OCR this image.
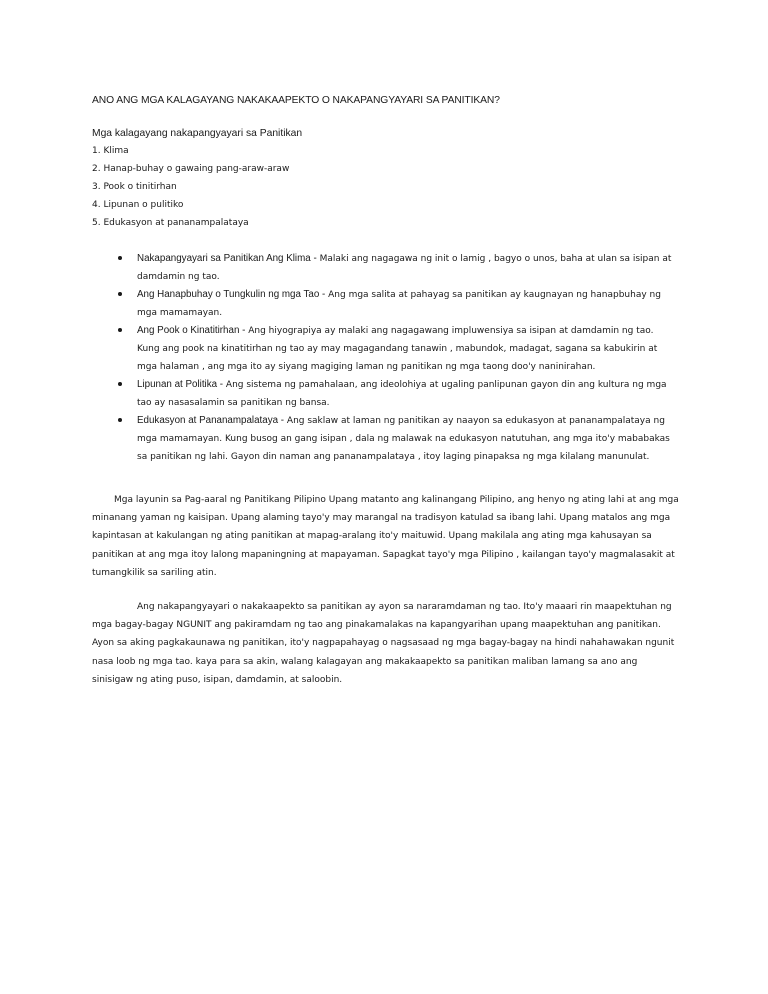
ANO ANG MGA KALAGAYANG NAKAKAAPEKTO O NAKAPANGYAYARI SA PANITIKAN?
Mga kalagayang nakapangyayari sa Panitikan
1. Klima
2. Hanap-buhay o gawaing pang-araw-araw
3. Pook o tinitirhan
4. Lipunan o pulitiko
5. Edukasyon at pananampalataya
Nakapangyayari sa Panitikan Ang Klima - Malaki ang nagagawa ng init o lamig , bagyo o unos, baha at ulan sa isipan at damdamin ng tao.
Ang Hanapbuhay o Tungkulin ng mga Tao - Ang mga salita at pahayag sa panitikan ay kaugnayan ng hanapbuhay ng mga mamamayan.
Ang Pook o Kinatitirhan - Ang hiyograpiya ay malaki ang nagagawang impluwensiya sa isipan at damdamin ng tao. Kung ang pook na kinatitirhan ng tao ay may magagandang tanawin , mabundok, madagat, sagana sa kabukirin at mga halaman , ang mga ito ay siyang magiging laman ng panitikan ng mga taong doo'y naninirahan.
Lipunan at Politika - Ang sistema ng pamahalaan, ang ideolohiya at ugaling panlipunan gayon din ang kultura ng mga tao ay nasasalamin sa panitikan ng bansa.
Edukasyon at Pananampalataya - Ang saklaw at laman ng panitikan ay naayon sa edukasyon at pananampalataya ng mga mamamayan. Kung busog an gang isipan , dala ng malawak na edukasyon natutuhan, ang mga ito'y mababakas sa panitikan ng lahi. Gayon din naman ang pananampalataya , itoy laging pinapaksa ng mga kilalang manunulat.

Mga layunin sa Pag-aaral ng Panitikang Pilipino Upang matanto ang kalinangang Pilipino, ang henyo ng ating lahi at ang mga minanang yaman ng kaisipan. Upang alaming tayo'y may marangal na tradisyon katulad sa ibang lahi. Upang matalos ang mga kapintasan at kakulangan ng ating panitikan at mapag-aralang ito'y maituwid. Upang makilala ang ating mga kahusayan sa panitikan at ang mga itoy lalong mapaningning at mapayaman. Sapagkat tayo'y mga Pilipino , kailangan tayo'y magmalasakit at tumangkilik sa sariling atin.

Ang nakapangyayari o nakakaapekto sa panitikan ay ayon sa nararamdaman ng tao. Ito'y maaari rin maapektuhan ng mga bagay-bagay NGUNIT ang pakiramdam ng tao ang pinakamalakas na kapangyarihan upang maapektuhan ang panitikan. Ayon sa aking pagkakaunawa ng panitikan, ito'y nagpapahayag o nagsasaad ng mga bagay-bagay na hindi nahahawakan ngunit nasa loob ng mga tao. kaya para sa akin, walang kalagayan ang makakaapekto sa panitikan maliban lamang sa ano ang sinisigaw ng ating puso, isipan, damdamin, at saloobin.
